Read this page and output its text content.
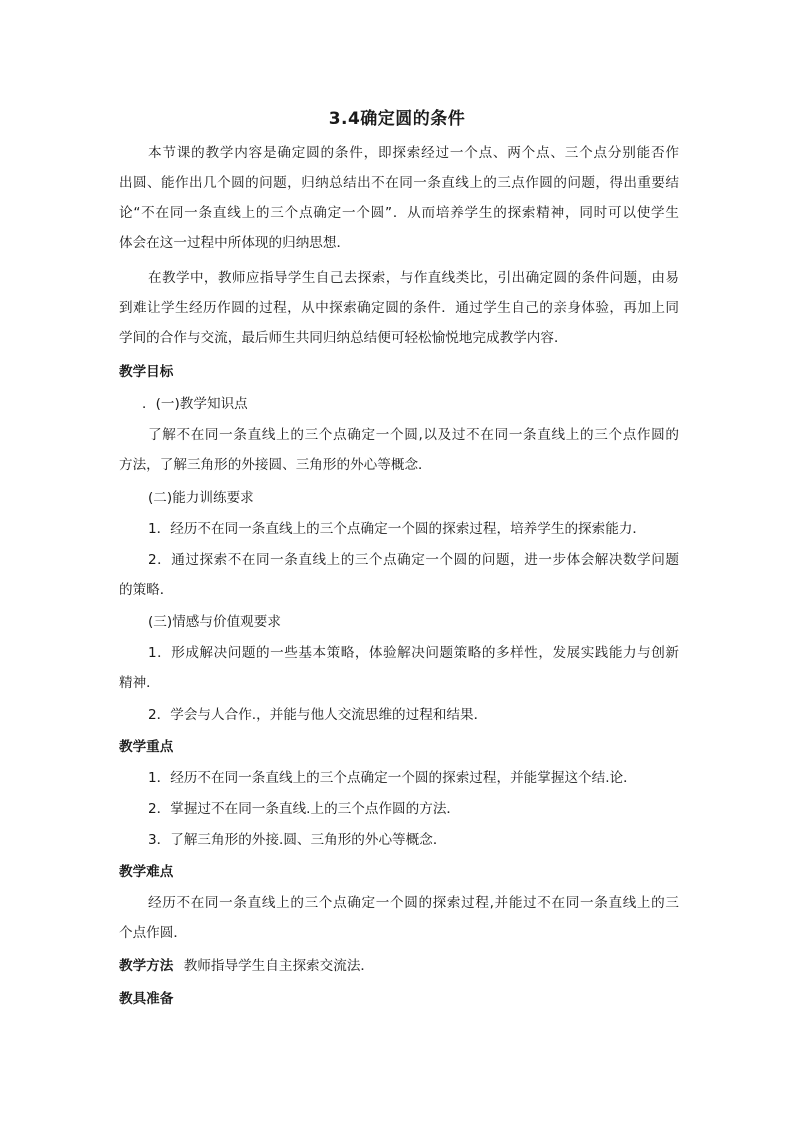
3.4确定圆的条件
本节课的教学内容是确定圆的条件，即探索经过一个点、两个点、三个点分别能否作
出圆、能作出几个圆的问题，归纳总结出不在同一条直线上的三点作圆的问题，得出重要结
论“不在同一条直线上的三个点确定一个圆”．从而培养学生的探索精神，同时可以使学生
体会在这一过程中所体现的归纳思想．
在教学中，教师应指导学生自己去探索，与作直线类比，引出确定圆的条件问题，由易
到难让学生经历作圆的过程，从中探索确定圆的条件．通过学生自己的亲身体验，再加上同
学间的合作与交流，最后师生共同归纳总结便可轻松愉悦地完成教学内容．
教学目标
．(一)教学知识点
了解不在同一条直线上的三个点确定一个圆,以及过不在同一条直线上的三个点作圆的
方法，了解三角形的外接圆、三角形的外心等概念．
(二)能力训练要求
1．经历不在同一条直线上的三个点确定一个圆的探索过程，培养学生的探索能力．
2．通过探索不在同一条直线上的三个点确定一个圆的问题，进一步体会解决数学问题
的策略．
(三)情感与价值观要求
1．形成解决问题的一些基本策略，体验解决问题策略的多样性，发展实践能力与创新
精神．
2．学会与人合作.，并能与他人交流思维的过程和结果．
教学重点
1．经历不在同一条直线上的三个点确定一个圆的探索过程，并能掌握这个结.论．
2．掌握过不在同一条直线.上的三个点作圆的方法．
3．了解三角形的外接.圆、三角形的外心等概念．
教学难点
经历不在同一条直线上的三个点确定一个圆的探索过程,并能过不在同一条直线上的三
个点作圆．
教学方法 教师指导学生自主探索交流法．
教具准备
